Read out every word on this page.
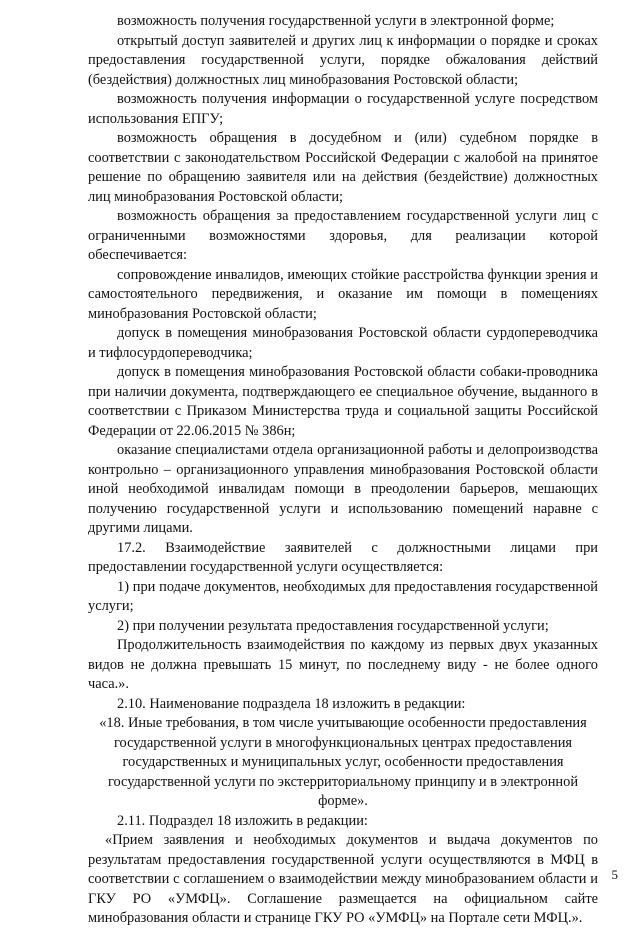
возможность получения государственной услуги в электронной форме;

открытый доступ заявителей и других лиц к информации о порядке и сроках предоставления государственной услуги, порядке обжалования действий (бездействия) должностных лиц минобразования Ростовской области;

возможность получения информации о государственной услуге посредством использования ЕПГУ;

возможность обращения в досудебном и (или) судебном порядке в соответствии с законодательством Российской Федерации с жалобой на принятое решение по обращению заявителя или на действия (бездействие) должностных лиц минобразования Ростовской области;

возможность обращения за предоставлением государственной услуги лиц с ограниченными возможностями здоровья, для реализации которой обеспечивается:

сопровождение инвалидов, имеющих стойкие расстройства функции зрения и самостоятельного передвижения, и оказание им помощи в помещениях минобразования Ростовской области;

допуск в помещения минобразования Ростовской области сурдопереводчика и тифлосурдопереводчика;

допуск в помещения минобразования Ростовской области собаки-проводника при наличии документа, подтверждающего ее специальное обучение, выданного в соответствии с Приказом Министерства труда и социальной защиты Российской Федерации от 22.06.2015 № 386н;

оказание специалистами отдела организационной работы и делопроизводства контрольно – организационного управления минобразования Ростовской области иной необходимой инвалидам помощи в преодолении барьеров, мешающих получению государственной услуги и использованию помещений наравне с другими лицами.

17.2. Взаимодействие заявителей с должностными лицами при предоставлении государственной услуги осуществляется:

1) при подаче документов, необходимых для предоставления государственной услуги;

2) при получении результата предоставления государственной услуги;

Продолжительность взаимодействия по каждому из первых двух указанных видов не должна превышать 15 минут, по последнему виду - не более одного часа.».

2.10. Наименование подраздела 18 изложить в редакции:

«18. Иные требования, в том числе учитывающие особенности предоставления государственной услуги в многофункциональных центрах предоставления государственных и муниципальных услуг, особенности предоставления государственной услуги по экстерриториальному принципу и в электронной форме».

2.11. Подраздел 18 изложить в редакции:

«Прием заявления и необходимых документов и выдача документов по результатам предоставления государственной услуги осуществляются в МФЦ в соответствии с соглашением о взаимодействии между минобразованием области и ГКУ РО «УМФЦ». Соглашение размещается на официальном сайте минобразования области и странице ГКУ РО «УМФЦ» на Портале сети МФЦ.».

5
